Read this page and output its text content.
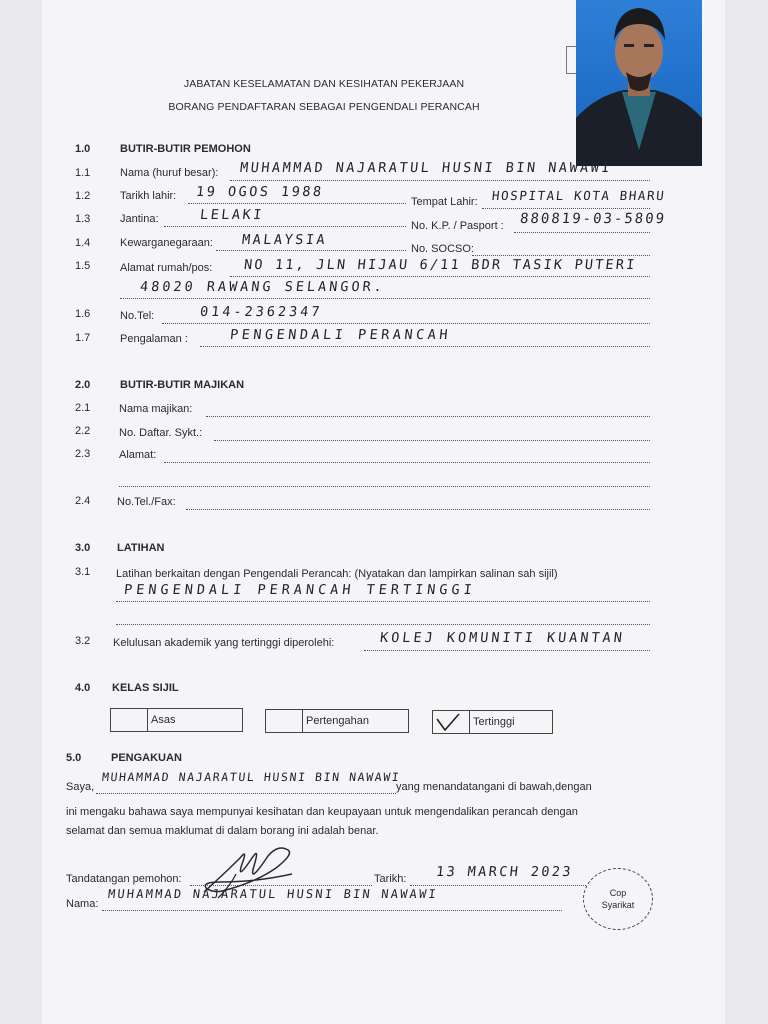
JABATAN KESELAMATAN DAN KESIHATAN PEKERJAAN
BORANG PENDAFTARAN SEBAGAI PENGENDALI PERANCAH
1.0	BUTIR-BUTIR PEMOHON
1.1	Nama (huruf besar): MUHAMMAD NAJARATUL HUSNI BIN NAWAWI
1.2	Tarikh lahir: 19 OGOS 1988
Tempat Lahir: HOSPITAL KOTA BHARU
1.3	Jantina:	LELAKI
No. K.P. / Pasport : 880819-03-5809
1.4	Kewarganegaraan: MALAYSIA
No. SOCSO:
1.5	Alamat rumah/pos: NO 11, JLN HIJAU 6/11 BDR TASIK PUTERI
48020 RAWANG SELANGOR.
1.6	No.Tel:	014-2362347
1.7	Pengalaman :	PENGENDALI PERANCAH
2.0	BUTIR-BUTIR MAJIKAN
2.1	Nama majikan:
2.2	No. Daftar. Sykt.:
2.3	Alamat:
2.4 No.Tel./Fax:
3.0 LATIHAN
3.1 Latihan berkaitan dengan Pengendali Perancah: (Nyatakan dan lampirkan salinan sah sijil)
PENGENDALI PERANCAH TERTINGGI
3.2 Kelulusan akademik yang tertinggi diperolehi:	KOLEJ KOMUNITI KUANTAN
4.0 KELAS SIJIL
Asas	Pertengahan	Tertinggi
5.0	PENGAKUAN
Saya,
MUHAMMAD NAJARATUL HUSNI BIN NAWAWI
yang menandatangani di bawah,dengan
ini mengaku bahawa saya mempunyai kesihatan dan keupayaan untuk mengendalikan perancah dengan
selamat dan semua maklumat di dalam borang ini adalah benar.
Tandatangan pemohon:	Tarikh: 13 MARCH 2023
Nama:
MUHAMMAD NAJARATUL HUSNI BIN NAWAWI	Cop
Syarikat
